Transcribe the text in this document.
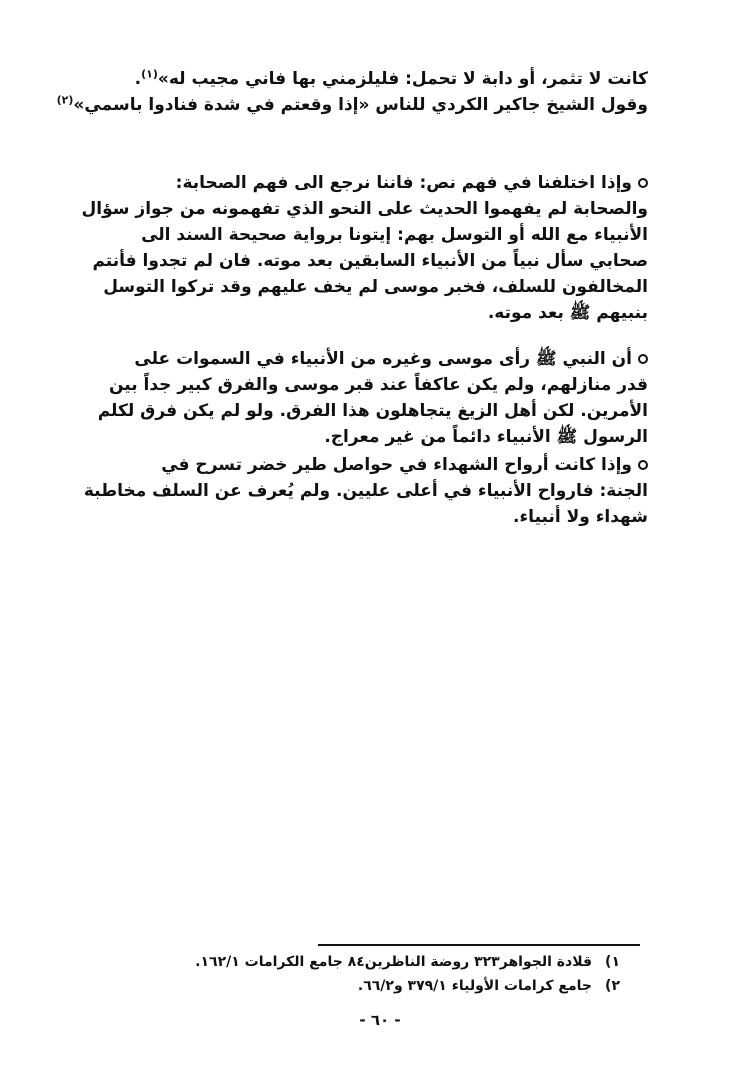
كانت لا تثمر، أو دابة لا تحمل: فليلزمني بها فاني مجيب له»$^{(١)}$.
وقول الشيخ جاكير الكردي للناس «إذا وقعتم في شدة فنادوا باسمي»$^{(٢)}$
وإذا اختلفنا في فهم نص: فاننا نرجع الى فهم الصحابة:
والصحابة لم يفهموا الحديث على النحو الذي تفهمونه من جواز سؤال
الأنبياء مع الله أو التوسل بهم: إيتونا برواية صحيحة السند الى
صحابي سأل نبياً من الأنبياء السابقين بعد موته. فان لم تجدوا فأنتم
المخالفون للسلف، فخبر موسى لم يخف عليهم وقد تركوا التوسل
بنبيهم ﷺ بعد موته.
أن النبي ﷺ رأى موسى وغيره من الأنبياء في السموات على
قدر منازلهم، ولم يكن عاكفاً عند قبر موسى والفرق كبير جداً بين
الأمرين. لكن أهل الزيغ يتجاهلون هذا الفرق. ولو لم يكن فرق لكلم
الرسول ﷺ الأنبياء دائماً من غير معراج.
وإذا كانت أرواح الشهداء في حواصل طير خضر تسرح في
الجنة: فارواح الأنبياء في أعلى عليين. ولم يُعرف عن السلف مخاطبة
شهداء ولا أنبياء.
١)قلادة الجواهر٣٢٣ روضة الناظرين٨٤ جامع الكرامات ١٦٢/١.
٢)جامع كرامات الأولياء ٣٧٩/١ و٦٦/٢.
- ٦٠ -
